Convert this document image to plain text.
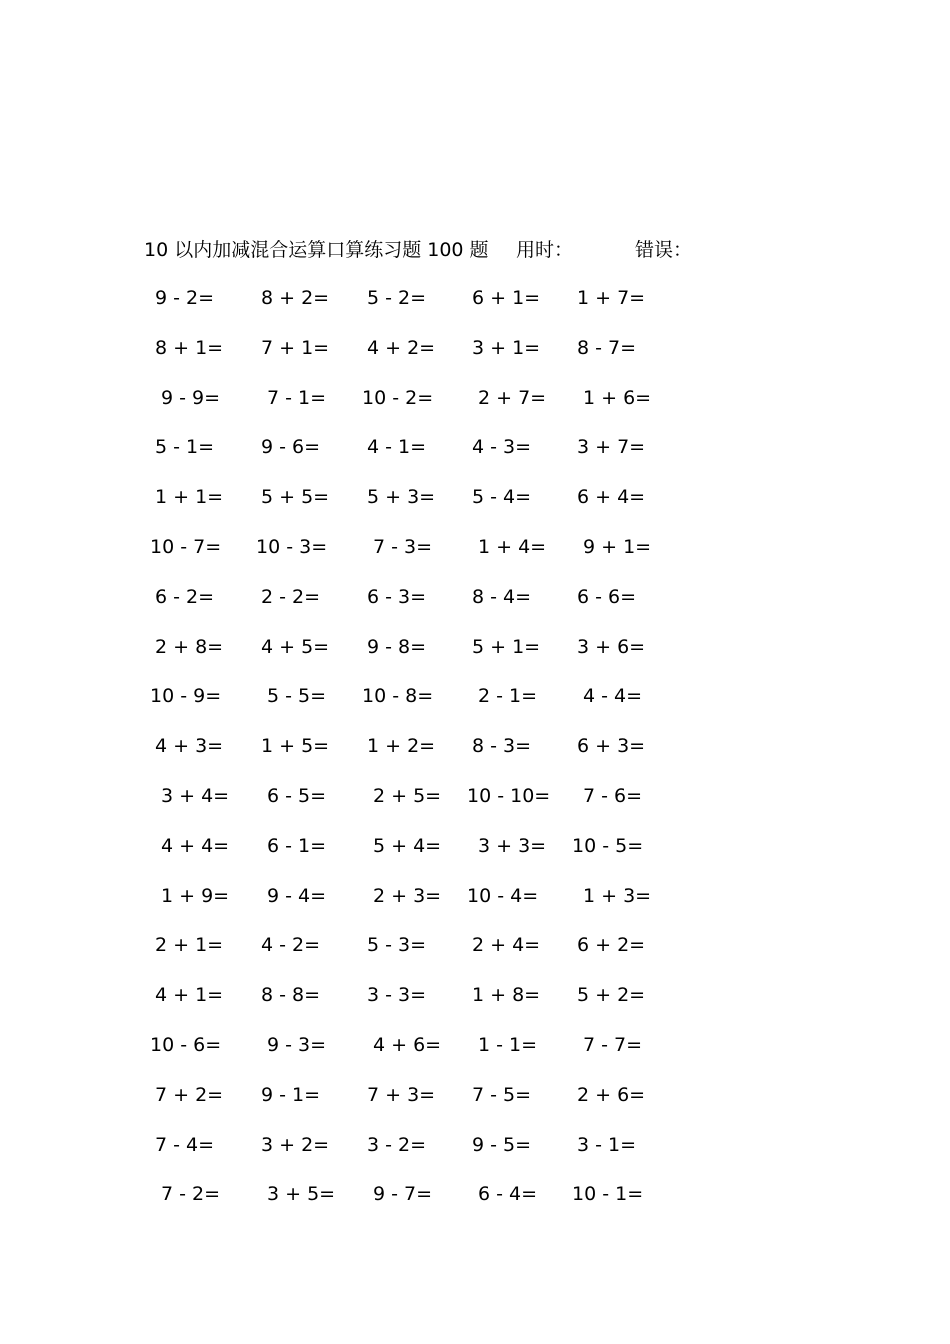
10 以内加减混合运算口算练习题 100 题 用时：	错误：
9 - 2= 8 + 2= 5 - 2= 6 + 1= 1 + 7=
8 + 1= 7 + 1= 4 + 2= 3 + 1= 8 - 7=
9 - 9= 7 - 1= 10 - 2= 2 + 7= 1 + 6=
5 - 1= 9 - 6= 4 - 1= 4 - 3= 3 + 7=
1 + 1= 5 + 5= 5 + 3= 5 - 4= 6 + 4=
10 - 7= 10 - 3= 7 - 3= 1 + 4= 9 + 1=
6 - 2= 2 - 2= 6 - 3= 8 - 4= 6 - 6=
2 + 8= 4 + 5= 9 - 8= 5 + 1= 3 + 6=
10 - 9= 5 - 5= 10 - 8= 2 - 1= 4 - 4=
4 + 3= 1 + 5= 1 + 2= 8 - 3= 6 + 3=
3 + 4= 6 - 5= 2 + 5= 10 - 10= 7 - 6=
4 + 4= 6 - 1= 5 + 4= 3 + 3= 10 - 5=
1 + 9= 9 - 4= 2 + 3= 10 - 4= 1 + 3=
2 + 1= 4 - 2= 5 - 3= 2 + 4= 6 + 2=
4 + 1= 8 - 8= 3 - 3= 1 + 8= 5 + 2=
10 - 6= 9 - 3= 4 + 6= 1 - 1= 7 - 7=
7 + 2= 9 - 1= 7 + 3= 7 - 5= 2 + 6=
7 - 4= 3 + 2= 3 - 2= 9 - 5= 3 - 1=
7 - 2= 3 + 5= 9 - 7= 6 - 4= 10 - 1=
